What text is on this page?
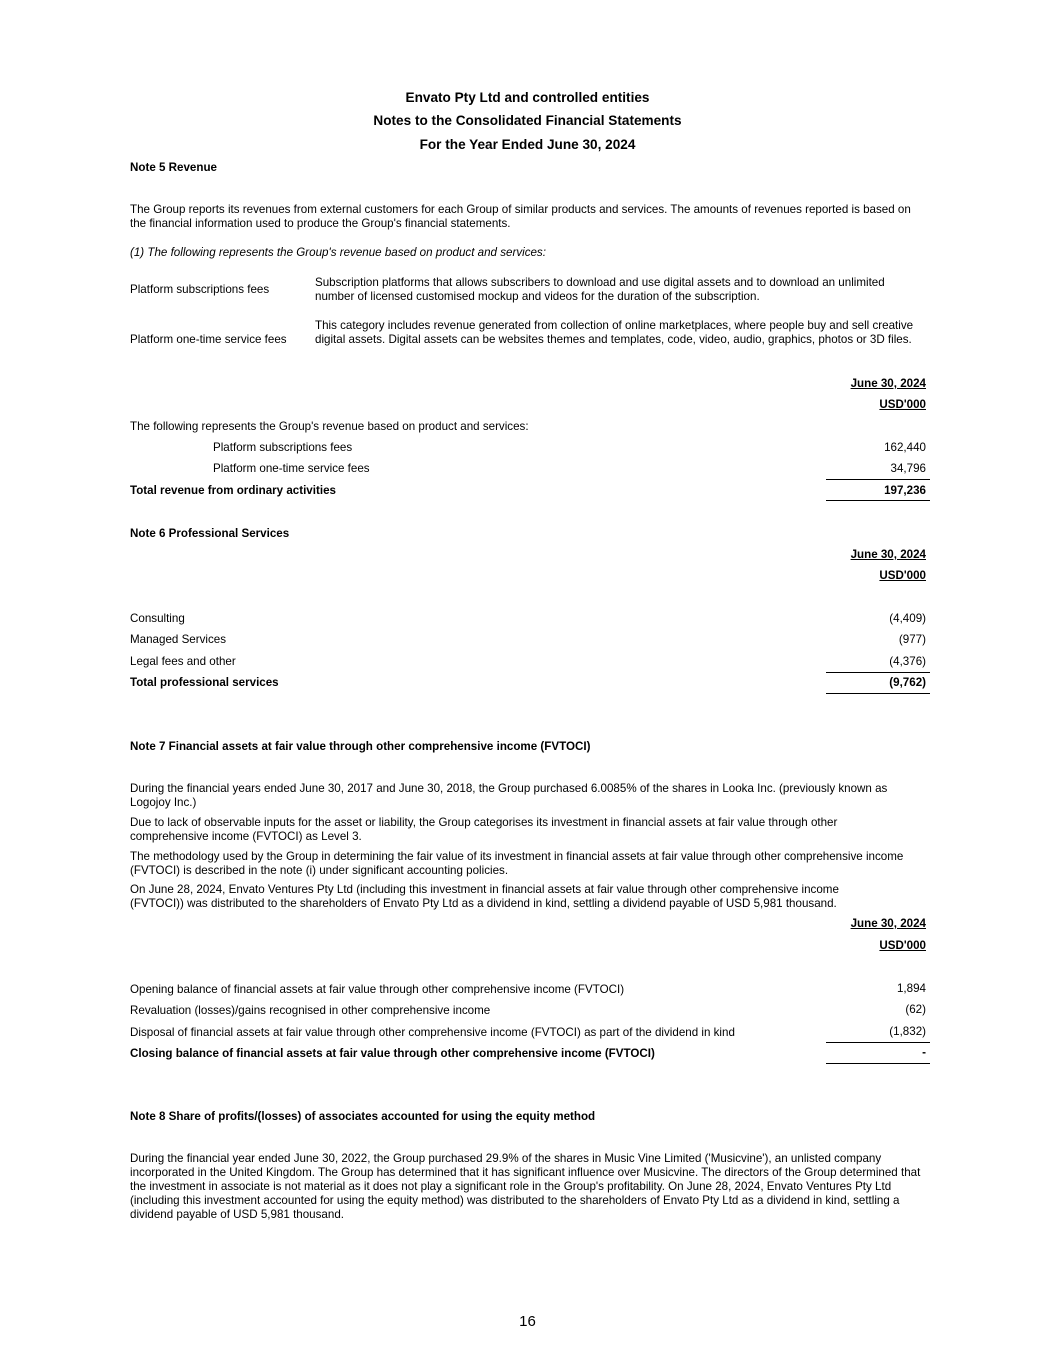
Envato Pty Ltd and controlled entities
Notes to the Consolidated Financial Statements
For the Year Ended June 30, 2024
Note 5 Revenue
The Group reports its revenues from external customers for each Group of similar products and services. The amounts of revenues reported is based on the financial information used to produce the Group's financial statements.
(1) The following represents the Group's revenue based on product and services:
Platform subscriptions fees
Subscription platforms that allows subscribers to download and use digital assets and to download an unlimited number of licensed customised mockup and videos for the duration of the subscription.
Platform one-time service fees
This category includes revenue generated from collection of online marketplaces, where people buy and sell creative digital assets. Digital assets can be websites themes and templates, code, video, audio, graphics, photos or 3D files.
June 30, 2024
USD'000
The following represents the Group's revenue based on product and services:
Platform subscriptions fees	162,440
Platform one-time service fees	34,796
Total revenue from ordinary activities	197,236
Note 6 Professional Services
June 30, 2024
USD'000
Consulting	(4,409)
Managed Services	(977)
Legal fees and other	(4,376)
Total professional services	(9,762)
Note 7 Financial assets at fair value through other comprehensive income (FVTOCI)
During the financial years ended June 30, 2017 and June 30, 2018, the Group purchased 6.0085% of the shares in Looka Inc. (previously known as Logojoy Inc.)
Due to lack of observable inputs for the asset or liability, the Group categorises its investment in financial assets at fair value through other comprehensive income (FVTOCI) as Level 3.
The methodology used by the Group in determining the fair value of its investment in financial assets at fair value through other comprehensive income (FVTOCI) is described in the note (i) under significant accounting policies.
On June 28, 2024, Envato Ventures Pty Ltd (including this investment in financial assets at fair value through other comprehensive income (FVTOCI)) was distributed to the shareholders of Envato Pty Ltd as a dividend in kind, settling a dividend payable of USD 5,981 thousand.
June 30, 2024
USD'000
Opening balance of financial assets at fair value through other comprehensive income (FVTOCI)	1,894
Revaluation (losses)/gains recognised in other comprehensive income	(62)
Disposal of financial assets at fair value through other comprehensive income (FVTOCI) as part of the dividend in kind	(1,832)
Closing balance of financial assets at fair value through other comprehensive income (FVTOCI)	-
Note 8 Share of profits/(losses) of associates accounted for using the equity method
During the financial year ended June 30, 2022, the Group purchased 29.9% of the shares in Music Vine Limited ('Musicvine'), an unlisted company incorporated in the United Kingdom. The Group has determined that it has significant influence over Musicvine. The directors of the Group determined that the investment in associate is not material as it does not play a significant role in the Group's profitability. On June 28, 2024, Envato Ventures Pty Ltd (including this investment accounted for using the equity method) was distributed to the shareholders of Envato Pty Ltd as a dividend in kind, settling a dividend payable of USD 5,981 thousand.
16
